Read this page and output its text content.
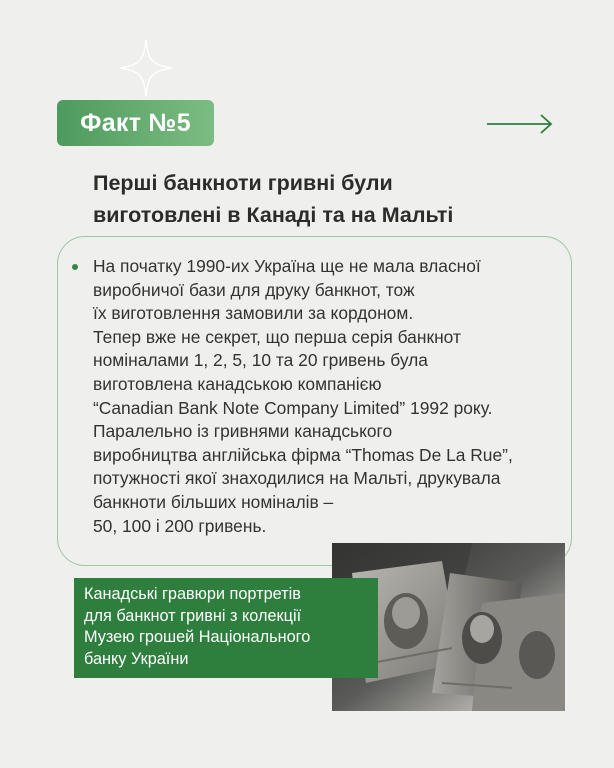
Факт №5
Перші банкноти гривні були
виготовлені в Канаді та на Мальті
На початку 1990-их Україна ще не мала власної
виробничої бази для друку банкнот, тож
їх виготовлення замовили за кордоном.
Тепер вже не секрет, що перша серія банкнот
номіналами 1, 2, 5, 10 та 20 гривень була
виготовлена канадською компанією
“Canadian Bank Note Company Limited” 1992 року.
Паралельно із гривнями канадського
виробництва англійська фірма “Thomas De La Rue”,
потужності якої знаходилися на Мальті, друкувала
банкноти більших номіналів –
50, 100 і 200 гривень.
Канадські гравюри портретів
для банкнот гривні з колекції
Музею грошей Національного
банку України
